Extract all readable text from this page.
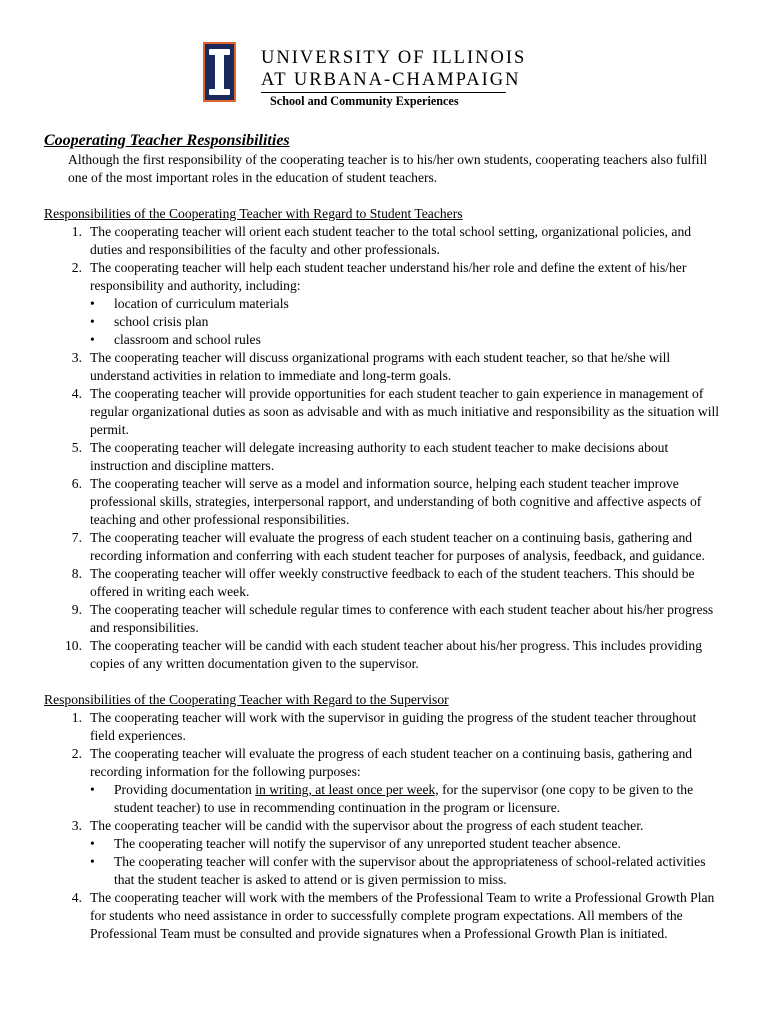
UNIVERSITY OF ILLINOIS
AT URBANA-CHAMPAIGN
School and Community Experiences
Cooperating Teacher Responsibilities

Although the first responsibility of the cooperating teacher is to his/her own students, cooperating teachers also fulfill one of the most important roles in the education of student teachers.

Responsibilities of the Cooperating Teacher with Regard to Student Teachers

1. The cooperating teacher will orient each student teacher to the total school setting, organizational policies, and duties and responsibilities of the faculty and other professionals.
2. The cooperating teacher will help each student teacher understand his/her role and define the extent of his/her responsibility and authority, including:
• location of curriculum materials
• school crisis plan
• classroom and school rules
3. The cooperating teacher will discuss organizational programs with each student teacher, so that he/she will understand activities in relation to immediate and long-term goals.
4. The cooperating teacher will provide opportunities for each student teacher to gain experience in management of regular organizational duties as soon as advisable and with as much initiative and responsibility as the situation will permit.
5. The cooperating teacher will delegate increasing authority to each student teacher to make decisions about instruction and discipline matters.
6. The cooperating teacher will serve as a model and information source, helping each student teacher improve professional skills, strategies, interpersonal rapport, and understanding of both cognitive and affective aspects of teaching and other professional responsibilities.
7. The cooperating teacher will evaluate the progress of each student teacher on a continuing basis, gathering and recording information and conferring with each student teacher for purposes of analysis, feedback, and guidance.
8. The cooperating teacher will offer weekly constructive feedback to each of the student teachers. This should be offered in writing each week.
9. The cooperating teacher will schedule regular times to conference with each student teacher about his/her progress and responsibilities.
10. The cooperating teacher will be candid with each student teacher about his/her progress. This includes providing copies of any written documentation given to the supervisor.

Responsibilities of the Cooperating Teacher with Regard to the Supervisor

1. The cooperating teacher will work with the supervisor in guiding the progress of the student teacher throughout field experiences.
2. The cooperating teacher will evaluate the progress of each student teacher on a continuing basis, gathering and recording information for the following purposes:
• Providing documentation in writing, at least once per week, for the supervisor (one copy to be given to the student teacher) to use in recommending continuation in the program or licensure.
3. The cooperating teacher will be candid with the supervisor about the progress of each student teacher.
• The cooperating teacher will notify the supervisor of any unreported student teacher absence.
• The cooperating teacher will confer with the supervisor about the appropriateness of school-related activities that the student teacher is asked to attend or is given permission to miss.
4. The cooperating teacher will work with the members of the Professional Team to write a Professional Growth Plan for students who need assistance in order to successfully complete program expectations. All members of the Professional Team must be consulted and provide signatures when a Professional Growth Plan is initiated.
